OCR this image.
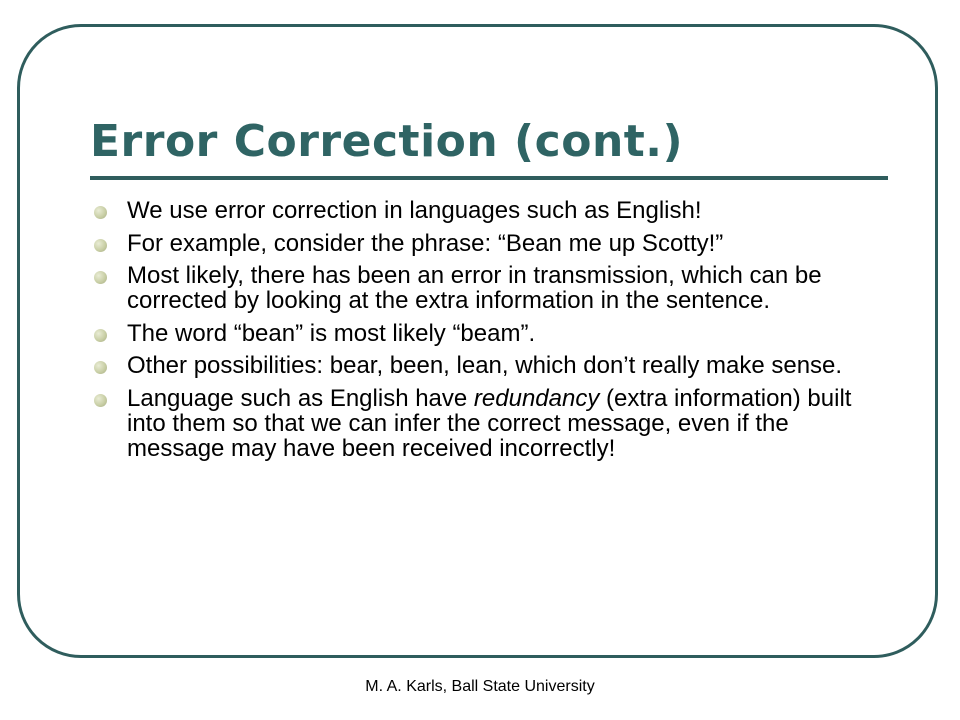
Error Correction (cont.)
We use error correction in languages such as English!
For example, consider the phrase: “Bean me up Scotty!”
Most likely, there has been an error in transmission, which can be corrected by looking at the extra information in the sentence.
The word “bean” is most likely “beam”.
Other possibilities: bear, been, lean, which don’t really make sense.
Language such as English have redundancy (extra information) built into them so that we can infer the correct message, even if the message may have been received incorrectly!
M. A. Karls, Ball State University
